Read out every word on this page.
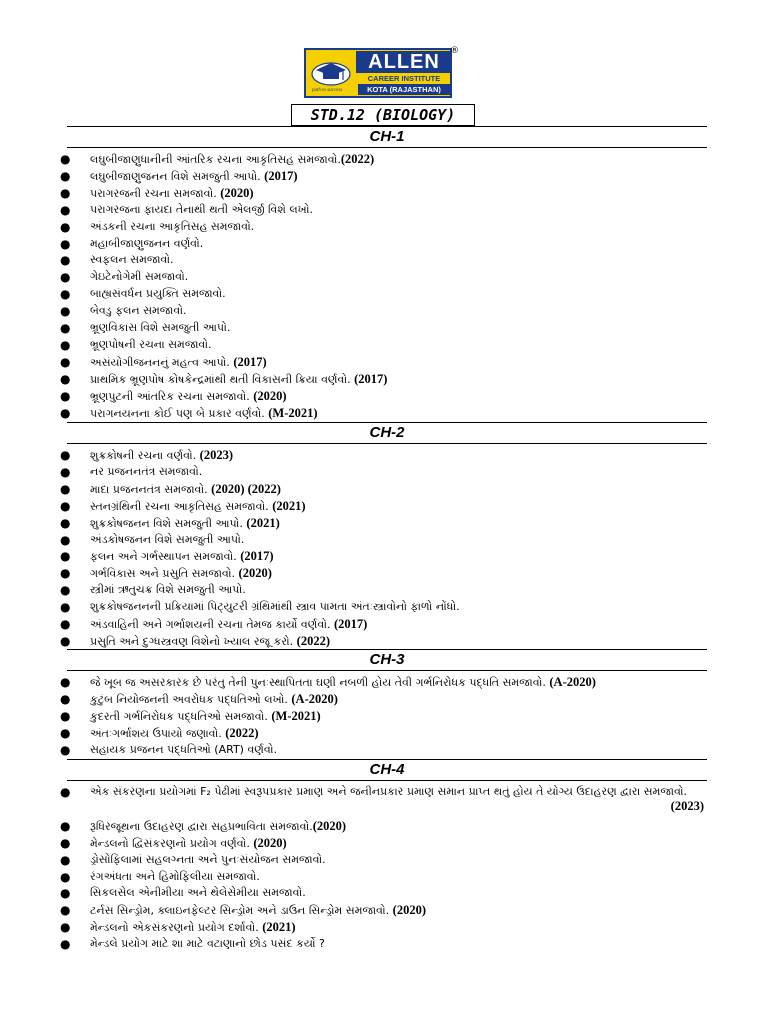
ALLEN
CAREER INSTITUTE
KOTA (RAJASTHAN)
path to success
®
STD.12 (BIOLOGY)
CH-1
●	લઘુબીજાણુધાનીની આંતરિક રચના આકૃતિસહ સમજાવો.(2022)
●	લઘુબીજાણુજનન વિશે સમજુતી આપો. (2017)
●	પરાગરજની રચના સમજાવો. (2020)
●	પરાગરજના ફાયદા તેનાથી થતી એલર્જી વિશે લખો.
●	અંડકની રચના આકૃતિસહ સમજાવો.
●	મહાબીજાણુજનન વર્ણવો.
●	સ્વફલન સમજાવો.
●	ગેઇટેનોગેમી સમજાવો.
●	બાહ્યસંવર્ધન પ્રયુક્તિ સમજાવો.
●	બેવડુ ફલન સમજાવો.
●	ભ્રૂણવિકાસ વિશે સમજુતી આપો.
●	ભ્રૂણપોષની રચના સમજાવો.
●	અસંયોગીજનનનું મહત્વ આપો. (2017)
●	પ્રાથમિક ભ્રૂણપોષ કોષકેન્દ્રમાંથી થતી વિકાસની ક્રિયા વર્ણવો. (2017)
●	ભ્રૂણપુટની આંતરિક રચના સમજાવો. (2020)
●	પરાગનયનના કોઈ પણ બે પ્રકાર વર્ણવો. (M-2021)
CH-2
●	શુક્રકોષની રચના વર્ણવો. (2023)
●	નર પ્રજનનતંત્ર સમજાવો.
●	માદા પ્રજનનતંત્ર સમજાવો. (2020) (2022)
●	સ્તનગ્રંથિની રચના આકૃતિસહ સમજાવો. (2021)
●	શુક્રકોષજનન વિશે સમજુતી આપો. (2021)
●	અંડકોષજનન વિશે સમજુતી આપો.
●	ફલન અને ગર્ભસ્થાપન સમજાવો. (2017)
●	ગર્ભવિકાસ અને પ્રસુતિ સમજાવો. (2020)
●	સ્ત્રીમાં ઋતુચક્ર વિશે સમજુતી આપો.
●	શુક્રકોષજનનની પ્રક્રિયામાં પિટ્યુટરી ગ્રંથિમાંથી સ્ત્રાવ પામતા અંતઃસ્ત્રાવોનો ફાળો નોંધો.
●	અંડવાહિની અને ગર્ભાશયની રચના તેમજ કાર્યો વર્ણવો. (2017)
●	પ્રસુતિ અને દુગ્ધસ્ત્રવણ વિશેનો ખ્યાલ રજૂ કરો. (2022)
CH-3
●	જે ખૂબ જ અસરકારક છે પરંતુ તેની પુનઃસ્થાપિતતા ઘણી નબળી હોય તેવી ગર્ભનિરોધક પદ્ધતિ સમજાવો. (A-2020)
●	કુટુંબ નિયોજનની અવરોધક પદ્ધતિઓ લખો. (A-2020)
●	કુદરતી ગર્ભનિરોધક પદ્ધતિઓ સમજાવો. (M-2021)
●	અંતઃગર્ભાશય ઉપાયો જણાવો. (2022)
●	સહાયક પ્રજનન પદ્ધતિઓ (ART) વર્ણવો.
CH-4
●	એક સંકરણના પ્રયોગમાં F₂ પેઢીમાં સ્વરૂપપ્રકાર પ્રમાણ અને જનીનપ્રકાર પ્રમાણ સમાન પ્રાપ્ત થતું હોય તે યોગ્ય ઉદાહરણ દ્વારા સમજાવો.
(2023)
●	રૂધિરજૂથના ઉદાહરણ દ્વારા સહપ્રભાવિતા સમજાવો.(2020)
●	મેન્ડલનો દ્વિસંકરણનો પ્રયોગ વર્ણવો. (2020)
●	ડ્રોસોફિલામાં સહલગ્નતા અને પુનઃસંયોજન સમજાવો.
●	રંગઅંધતા અને હિમોફિલીયા સમજાવો.
●	સિકલસેલ એનીમીયા અને થેલેસેમીયા સમજાવો.
●	ટર્નસ સિન્ડ્રોમ, ક્લાઇનફેલ્ટર સિન્ડ્રોમ અને ડાઉન સિન્ડ્રોમ સમજાવો. (2020)
●	મેન્ડલનો એકસંકરણનો પ્રયોગ દર્શાવો. (2021)
●	મેન્ડલે પ્રયોગ માટે શા માટે વટાણાનો છોડ પસંદ કર્યો ?
